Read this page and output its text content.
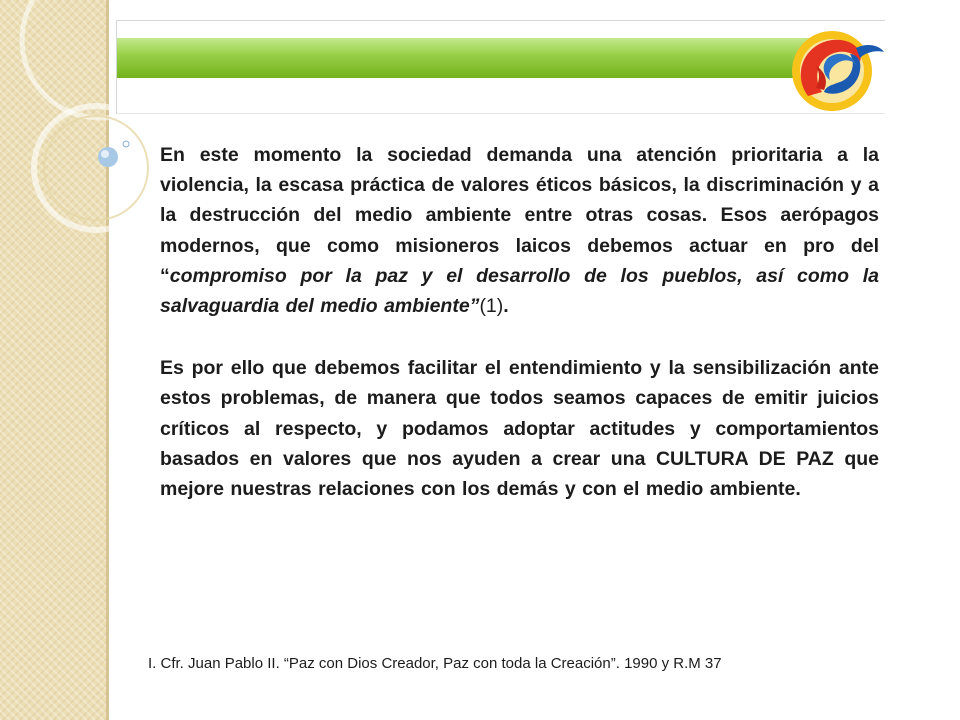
En este momento la sociedad demanda una atención prioritaria a la violencia, la escasa práctica de valores éticos básicos, la discriminación y a la destrucción del medio ambiente entre otras cosas. Esos aerópagos modernos, que como misioneros laicos debemos actuar en pro del “compromiso por la paz y el desarrollo de los pueblos, así como la salvaguardia del medio ambiente”(1).

Es por ello que debemos facilitar el entendimiento y la sensibilización ante estos problemas, de manera que todos seamos capaces de emitir juicios críticos al respecto, y podamos adoptar actitudes y comportamientos basados en valores que nos ayuden a crear una CULTURA DE PAZ que mejore nuestras relaciones con los demás y con el medio ambiente.

I. Cfr. Juan Pablo II. “Paz con Dios Creador, Paz con toda la Creación”. 1990 y R.M 37
